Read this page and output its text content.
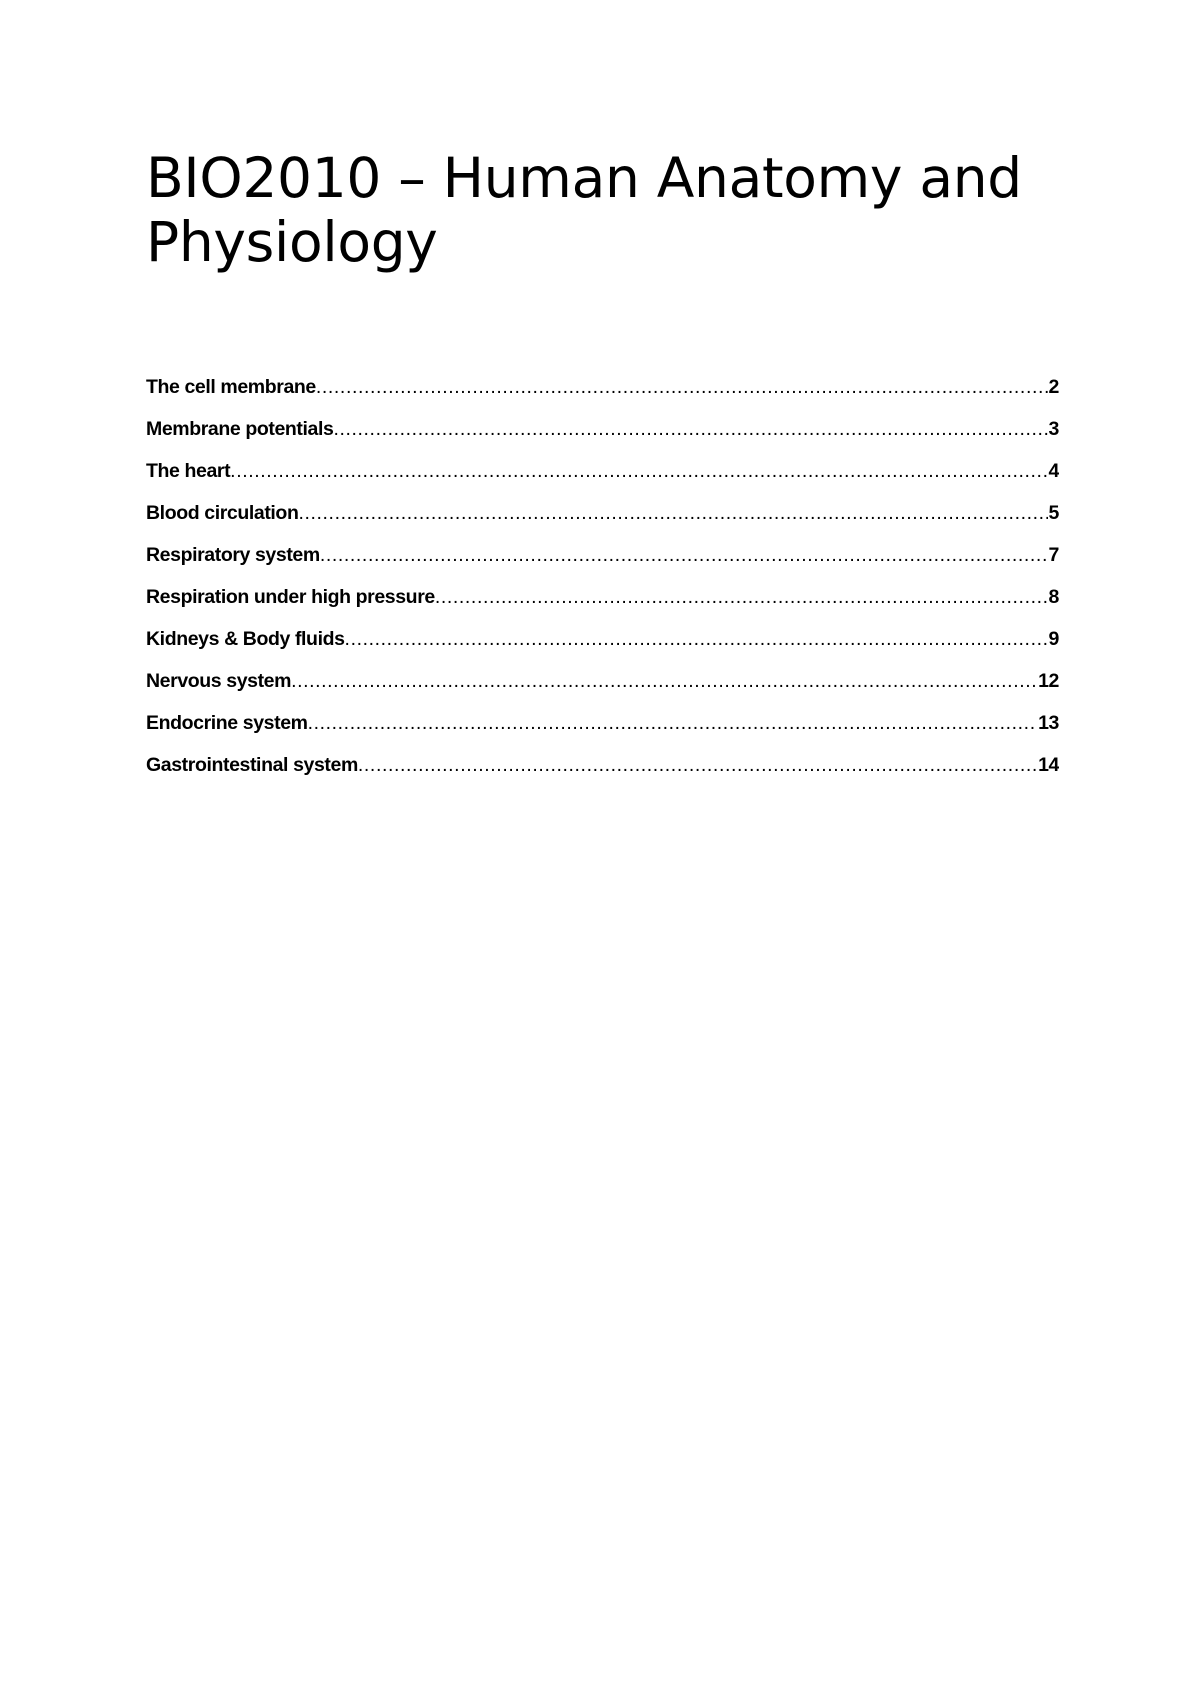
BIO2010 – Human Anatomy and Physiology
The cell membrane .....	2
Membrane potentials .....	3
The heart .....	4
Blood circulation .....	5
Respiratory system .....	7
Respiration under high pressure .....	8
Kidneys & Body fluids .....	9
Nervous system .....	12
Endocrine system .....	13
Gastrointestinal system .....	14
